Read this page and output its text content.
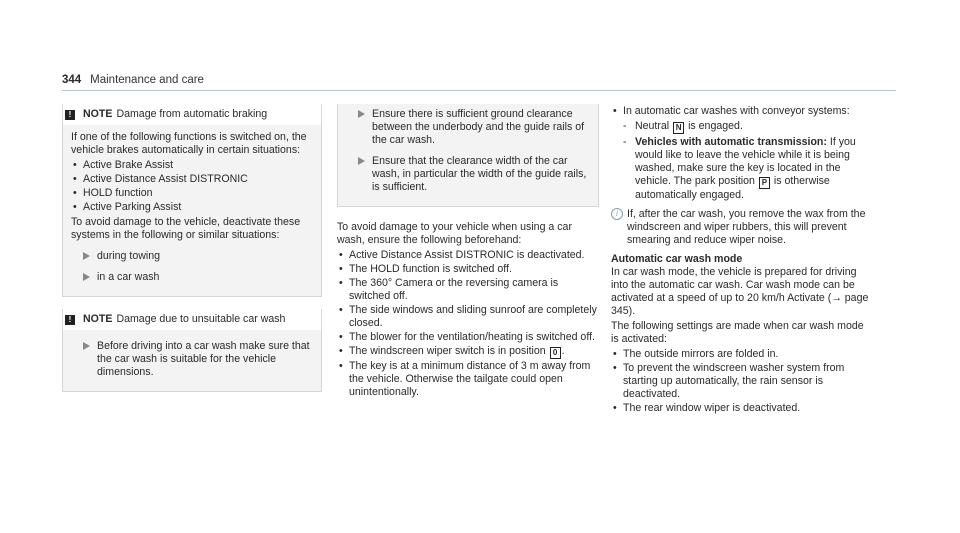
344 Maintenance and care
!	NOTE Damage from automatic braking

If one of the following functions is switched on, the vehicle brakes automatically in certain situations:

• Active Brake Assist
• Active Distance Assist DISTRONIC
• HOLD function
• Active Parking Assist

To avoid damage to the vehicle, deactivate these systems in the following or similar situations:

during towing
in a car wash
!	NOTE Damage due to unsuitable car wash
Before driving into a car wash make sure that the car wash is suitable for the vehicle dimensions.
Ensure there is sufficient ground clearance between the underbody and the guide rails of the car wash.
Ensure that the clearance width of the car wash, in particular the width of the guide rails, is sufficient.

To avoid damage to your vehicle when using a car wash, ensure the following beforehand:

• Active Distance Assist DISTRONIC is deactivated.
• The HOLD function is switched off.
• The 360° Camera or the reversing camera is switched off.
• The side windows and sliding sunroof are completely closed.
• The blower for the ventilation/heating is switched off.
• The windscreen wiper switch is in position 0 .
• The key is at a minimum distance of 3 m away from the vehicle. Otherwise the tailgate could open unintentionally.
• In automatic car washes with conveyor systems:
- Neutral N is engaged.
- Vehicles with automatic transmission: If you would like to leave the vehicle while it is being washed, make sure the key is located in the vehicle. The park position P is otherwise automatically engaged.
i If, after the car wash, you remove the wax from the windscreen and wiper rubbers, this will prevent smearing and reduce wiper noise.

Automatic car wash mode

In car wash mode, the vehicle is prepared for driving into the automatic car wash. Car wash mode can be activated at a speed of up to 20 km/h Activate (→ page 345).

The following settings are made when car wash mode is activated:

• The outside mirrors are folded in.
• To prevent the windscreen washer system from starting up automatically, the rain sensor is deactivated.
• The rear window wiper is deactivated.
